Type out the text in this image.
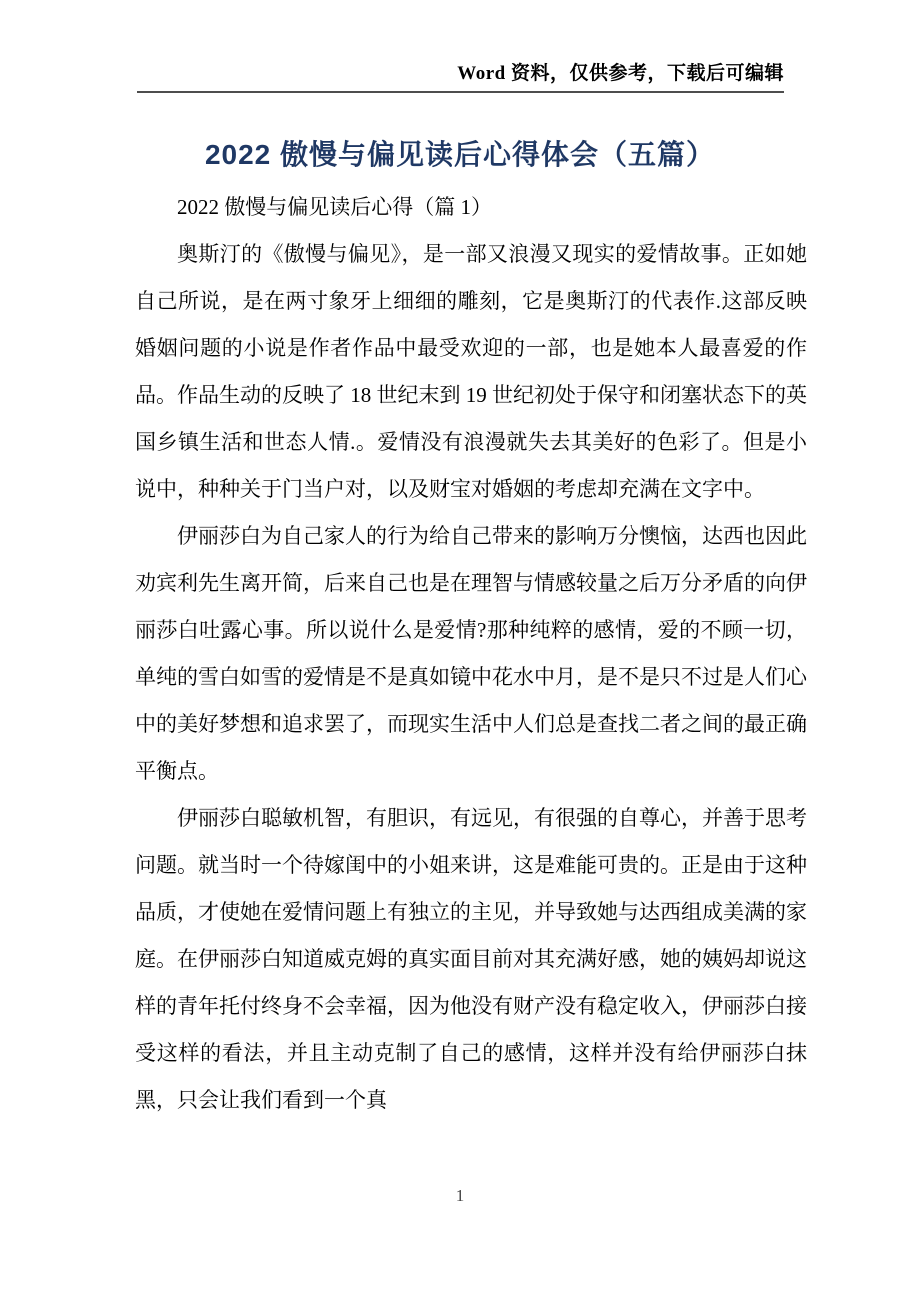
Word 资料，仅供参考，下载后可编辑
2022 傲慢与偏见读后心得体会（五篇）

2022 傲慢与偏见读后心得（篇 1）

奥斯汀的《傲慢与偏见》，是一部又浪漫又现实的爱情故事。正如她自己所说，是在两寸象牙上细细的雕刻，它是奥斯汀的代表作.这部反映婚姻问题的小说是作者作品中最受欢迎的一部，也是她本人最喜爱的作品。作品生动的反映了 18 世纪末到 19 世纪初处于保守和闭塞状态下的英国乡镇生活和世态人情.。爱情没有浪漫就失去其美好的色彩了。但是小说中，种种关于门当户对，以及财宝对婚姻的考虑却充满在文字中。

伊丽莎白为自己家人的行为给自己带来的影响万分懊恼，达西也因此劝宾利先生离开简，后来自己也是在理智与情感较量之后万分矛盾的向伊丽莎白吐露心事。所以说什么是爱情?那种纯粹的感情，爱的不顾一切，单纯的雪白如雪的爱情是不是真如镜中花水中月，是不是只不过是人们心中的美好梦想和追求罢了，而现实生活中人们总是查找二者之间的最正确平衡点。

伊丽莎白聪敏机智，有胆识，有远见，有很强的自尊心，并善于思考问题。就当时一个待嫁闺中的小姐来讲，这是难能可贵的。正是由于这种品质，才使她在爱情问题上有独立的主见，并导致她与达西组成美满的家庭。在伊丽莎白知道威克姆的真实面目前对其充满好感，她的姨妈却说这样的青年托付终身不会幸福，因为他没有财产没有稳定收入，伊丽莎白接受这样的看法，并且主动克制了自己的感情，这样并没有给伊丽莎白抹黑，只会让我们看到一个真

1
